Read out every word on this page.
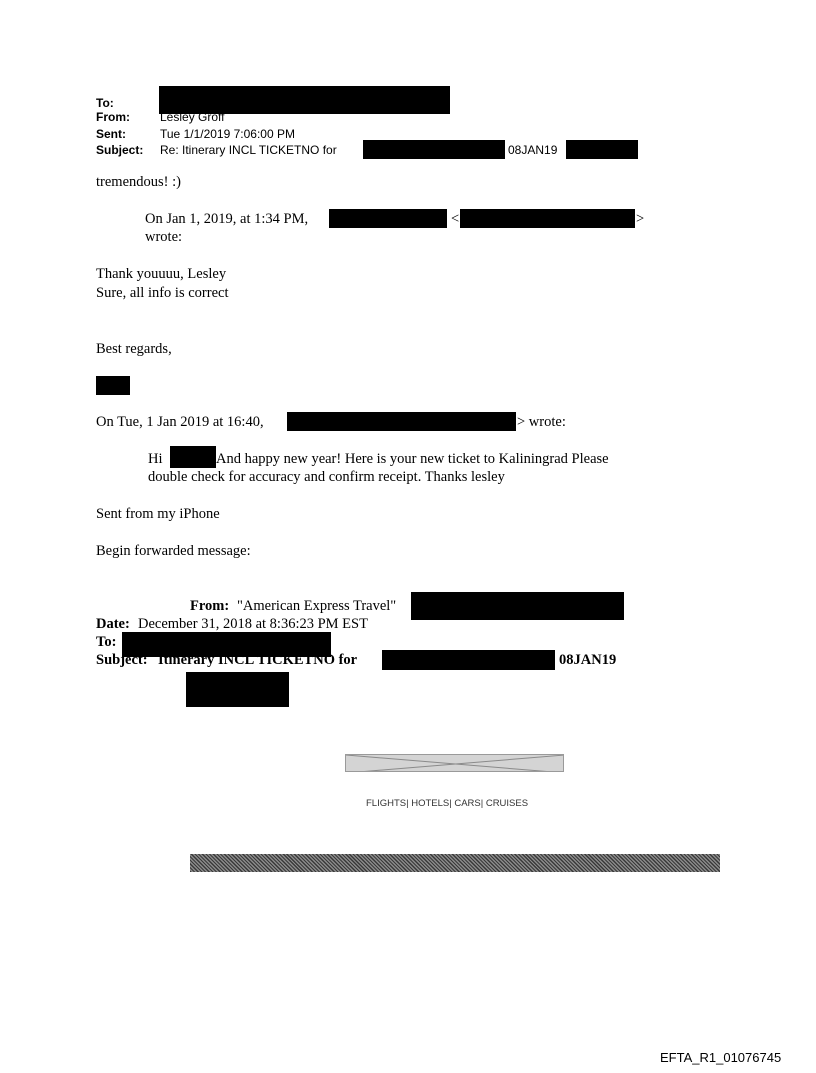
To:
From:	Lesley Groff
Sent:	Tue 1/1/2019 7:06:00 PM
Subject: Re: Itinerary INCL TICKETNO for	08JAN19
tremendous! :)
On Jan 1, 2019, at 1:34 PM,	<	>
wrote:
Thank youuuu, Lesley
Sure, all info is correct
Best regards,
On Tue, 1 Jan 2019 at 16:40,	> wrote:
Hi	And happy new year! Here is your new ticket to Kaliningrad Please
double check for accuracy and confirm receipt. Thanks lesley
Sent from my iPhone
Begin forwarded message:
From: "American Express Travel"
Date: December 31, 2018 at 8:36:23 PM EST
To:
Subject: Itinerary INCL TICKETNO for	08JAN19
FLIGHTS| HOTELS| CARS| CRUISES
EFTA_R1_01076745
